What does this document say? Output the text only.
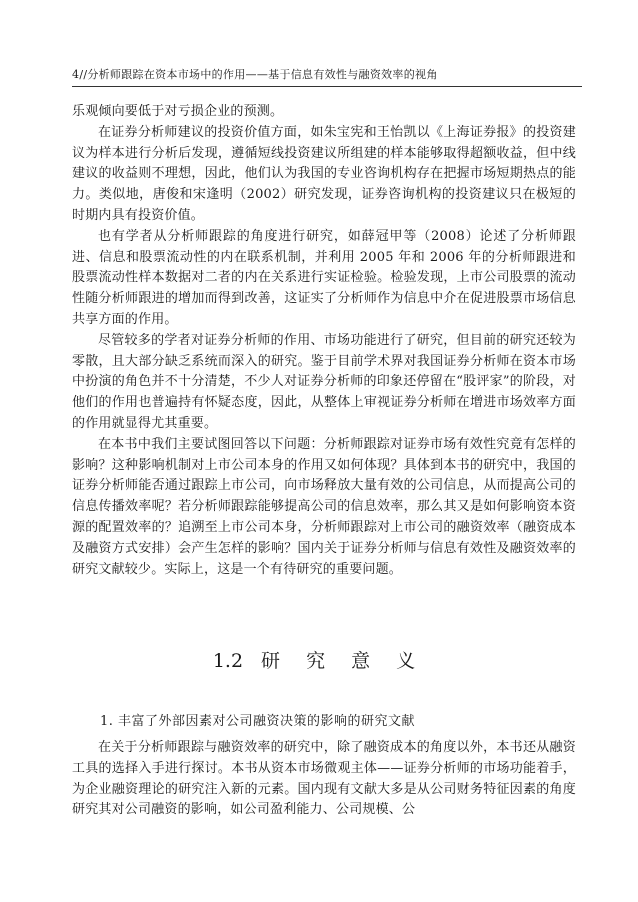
4//分析师跟踪在资本市场中的作用——基于信息有效性与融资效率的视角

乐观倾向要低于对亏损企业的预测。

在证券分析师建议的投资价值方面，如朱宝宪和王怡凯以《上海证券报》的投资建议为样本进行分析后发现，遵循短线投资建议所组建的样本能够取得超额收益，但中线建议的收益则不理想，因此，他们认为我国的专业咨询机构存在把握市场短期热点的能力。类似地，唐俊和宋逢明（2002）研究发现，证券咨询机构的投资建议只在极短的时期内具有投资价值。

也有学者从分析师跟踪的角度进行研究，如薛冠甲等（2008）论述了分析师跟进、信息和股票流动性的内在联系机制，并利用 2005 年和 2006 年的分析师跟进和股票流动性样本数据对二者的内在关系进行实证检验。检验发现，上市公司股票的流动性随分析师跟进的增加而得到改善，这证实了分析师作为信息中介在促进股票市场信息共享方面的作用。

尽管较多的学者对证券分析师的作用、市场功能进行了研究，但目前的研究还较为零散，且大部分缺乏系统而深入的研究。鉴于目前学术界对我国证券分析师在资本市场中扮演的角色并不十分清楚，不少人对证券分析师的印象还停留在“股评家”的阶段，对他们的作用也普遍持有怀疑态度，因此，从整体上审视证券分析师在增进市场效率方面的作用就显得尤其重要。

在本书中我们主要试图回答以下问题：分析师跟踪对证券市场有效性究竟有怎样的影响？这种影响机制对上市公司本身的作用又如何体现？具体到本书的研究中，我国的证券分析师能否通过跟踪上市公司，向市场释放大量有效的公司信息，从而提高公司的信息传播效率呢？若分析师跟踪能够提高公司的信息效率，那么其又是如何影响资本资源的配置效率的？追溯至上市公司本身，分析师跟踪对上市公司的融资效率（融资成本及融资方式安排）会产生怎样的影响？国内关于证券分析师与信息有效性及融资效率的研究文献较少。实际上，这是一个有待研究的重要问题。

1.2 研 究 意 义
1. 丰富了外部因素对公司融资决策的影响的研究文献

在关于分析师跟踪与融资效率的研究中，除了融资成本的角度以外，本书还从融资工具的选择入手进行探讨。本书从资本市场微观主体——证券分析师的市场功能着手，为企业融资理论的研究注入新的元素。国内现有文献大多是从公司财务特征因素的角度研究其对公司融资的影响，如公司盈利能力、公司规模、公
